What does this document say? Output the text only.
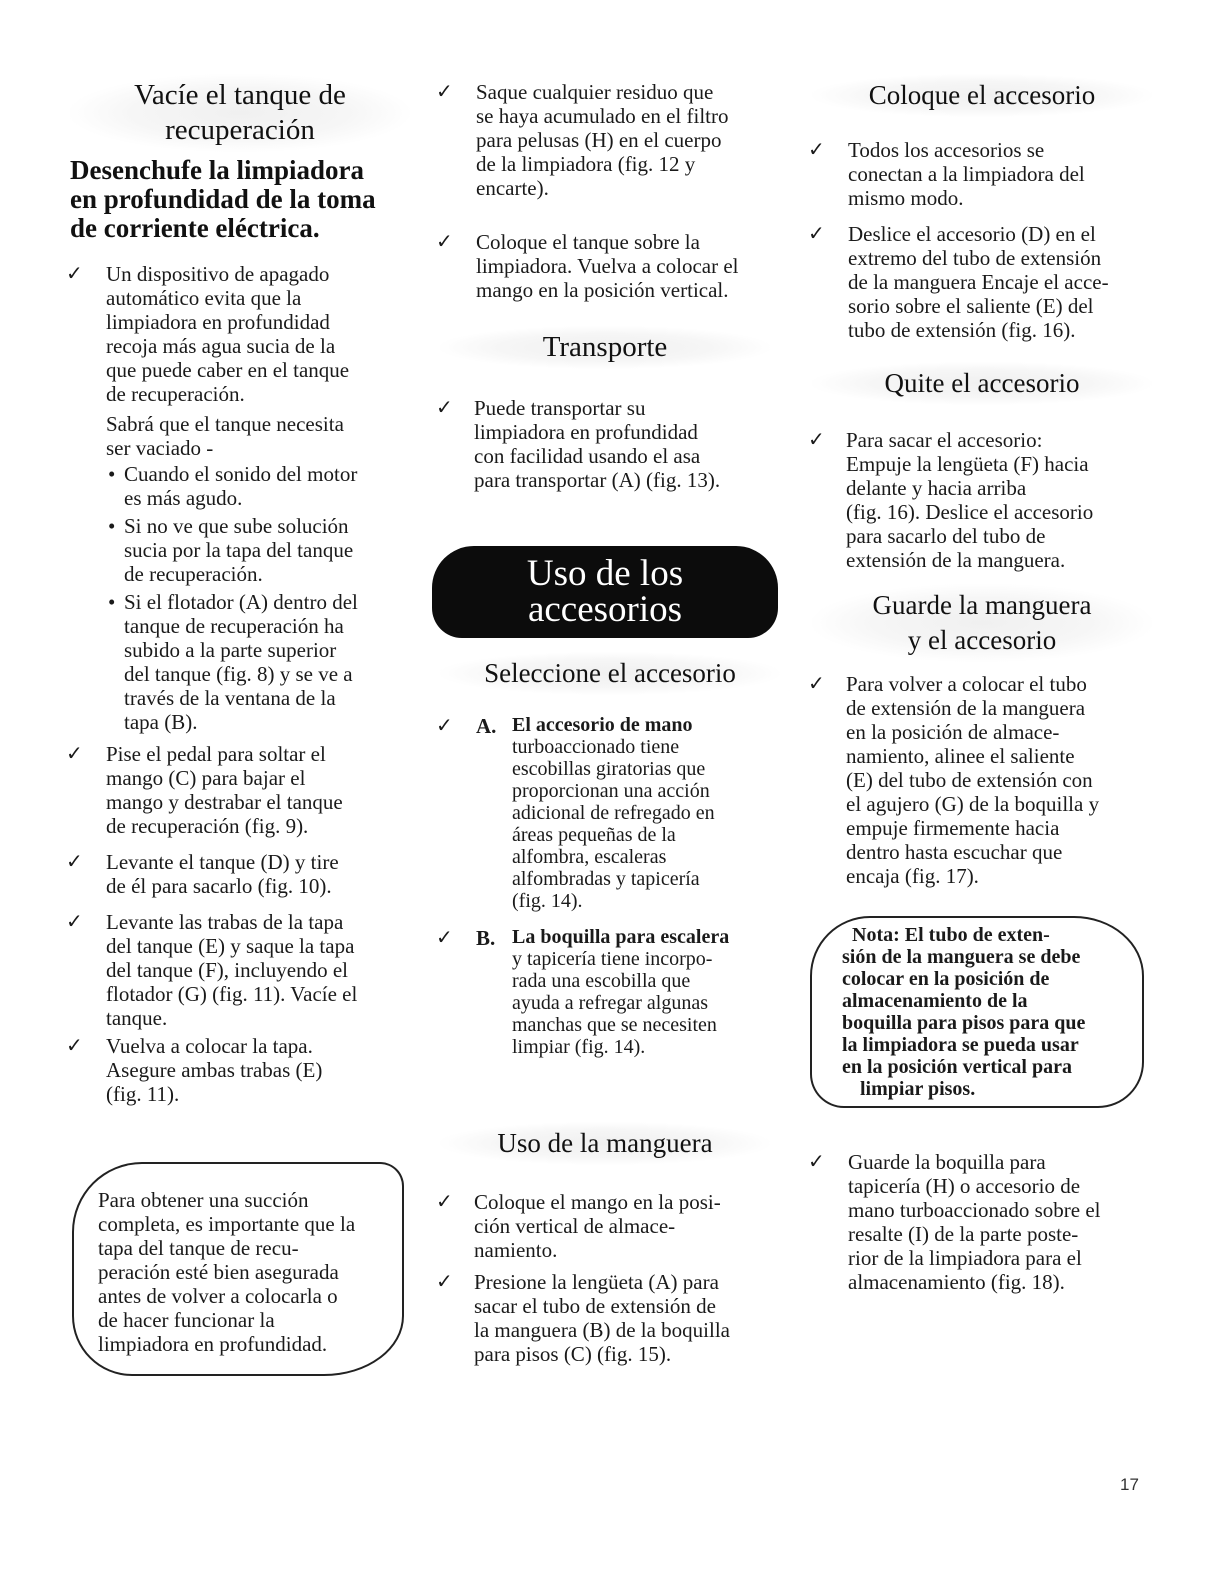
Vacíe el tanque de
recuperación
Desenchufe la limpiadora
en profundidad de la toma
de corriente eléctrica.
✓ Un dispositivo de apagado
automático evita que la
limpiadora en profundidad
recoja más agua sucia de la
que puede caber en el tanque
de recuperación.
Sabrá que el tanque necesita
ser vaciado -
• Cuando el sonido del motor
es más agudo.
• Si no ve que sube solución
sucia por la tapa del tanque
de recuperación.
• Si el flotador (A) dentro del
tanque de recuperación ha
subido a la parte superior
del tanque (fig. 8) y se ve a
través de la ventana de la
tapa (B).
✓ Pise el pedal para soltar el
mango (C) para bajar el
mango y destrabar el tanque
de recuperación (fig. 9).
✓ Levante el tanque (D) y tire
de él para sacarlo (fig. 10).
✓ Levante las trabas de la tapa
del tanque (E) y saque la tapa
del tanque (F), incluyendo el
flotador (G) (fig. 11). Vacíe el
tanque.
✓ Vuelva a colocar la tapa.
Asegure ambas trabas (E)
(fig. 11).
Para obtener una succión
completa, es importante que la
tapa del tanque de recu-
peración esté bien asegurada
antes de volver a colocarla o
de hacer funcionar la
limpiadora en profundidad.
✓ Saque cualquier residuo que
se haya acumulado en el filtro
para pelusas (H) en el cuerpo
de la limpiadora (fig. 12 y
encarte).
✓ Coloque el tanque sobre la
limpiadora. Vuelva a colocar el
mango en la posición vertical.
Transporte
✓ Puede transportar su
limpiadora en profundidad
con facilidad usando el asa
para transportar (A) (fig. 13).
Uso de los
accesorios
Seleccione el accesorio
✓ A. El accesorio de mano
turboaccionado tiene
escobillas giratorias que
proporcionan una acción
adicional de refregado en
áreas pequeñas de la
alfombra, escaleras
alfombradas y tapicería
(fig. 14).
✓ B. La boquilla para escalera
y tapicería tiene incorpo-
rada una escobilla que
ayuda a refregar algunas
manchas que se necesiten
limpiar (fig. 14).
Uso de la manguera
✓ Coloque el mango en la posi-
ción vertical de almace-
namiento.
✓ Presione la lengüeta (A) para
sacar el tubo de extensión de
la manguera (B) de la boquilla
para pisos (C) (fig. 15).
Coloque el accesorio
✓ Todos los accesorios se
conectan a la limpiadora del
mismo modo.
✓ Deslice el accesorio (D) en el
extremo del tubo de extensión
de la manguera Encaje el acce-
sorio sobre el saliente (E) del
tubo de extensión (fig. 16).
Quite el accesorio
✓ Para sacar el accesorio:
Empuje la lengüeta (F) hacia
delante y hacia arriba
(fig. 16). Deslice el accesorio
para sacarlo del tubo de
extensión de la manguera.
Guarde la manguera
y el accesorio
✓ Para volver a colocar el tubo
de extensión de la manguera
en la posición de almace-
namiento, alinee el saliente
(E) del tubo de extensión con
el agujero (G) de la boquilla y
empuje firmemente hacia
dentro hasta escuchar que
encaja (fig. 17).
Nota: El tubo de exten-
sión de la manguera se debe
colocar en la posición de
almacenamiento de la
boquilla para pisos para que
la limpiadora se pueda usar
en la posición vertical para
limpiar pisos.
✓ Guarde la boquilla para
tapicería (H) o accesorio de
mano turboaccionado sobre el
resalte (I) de la parte poste-
rior de la limpiadora para el
almacenamiento (fig. 18).
17
